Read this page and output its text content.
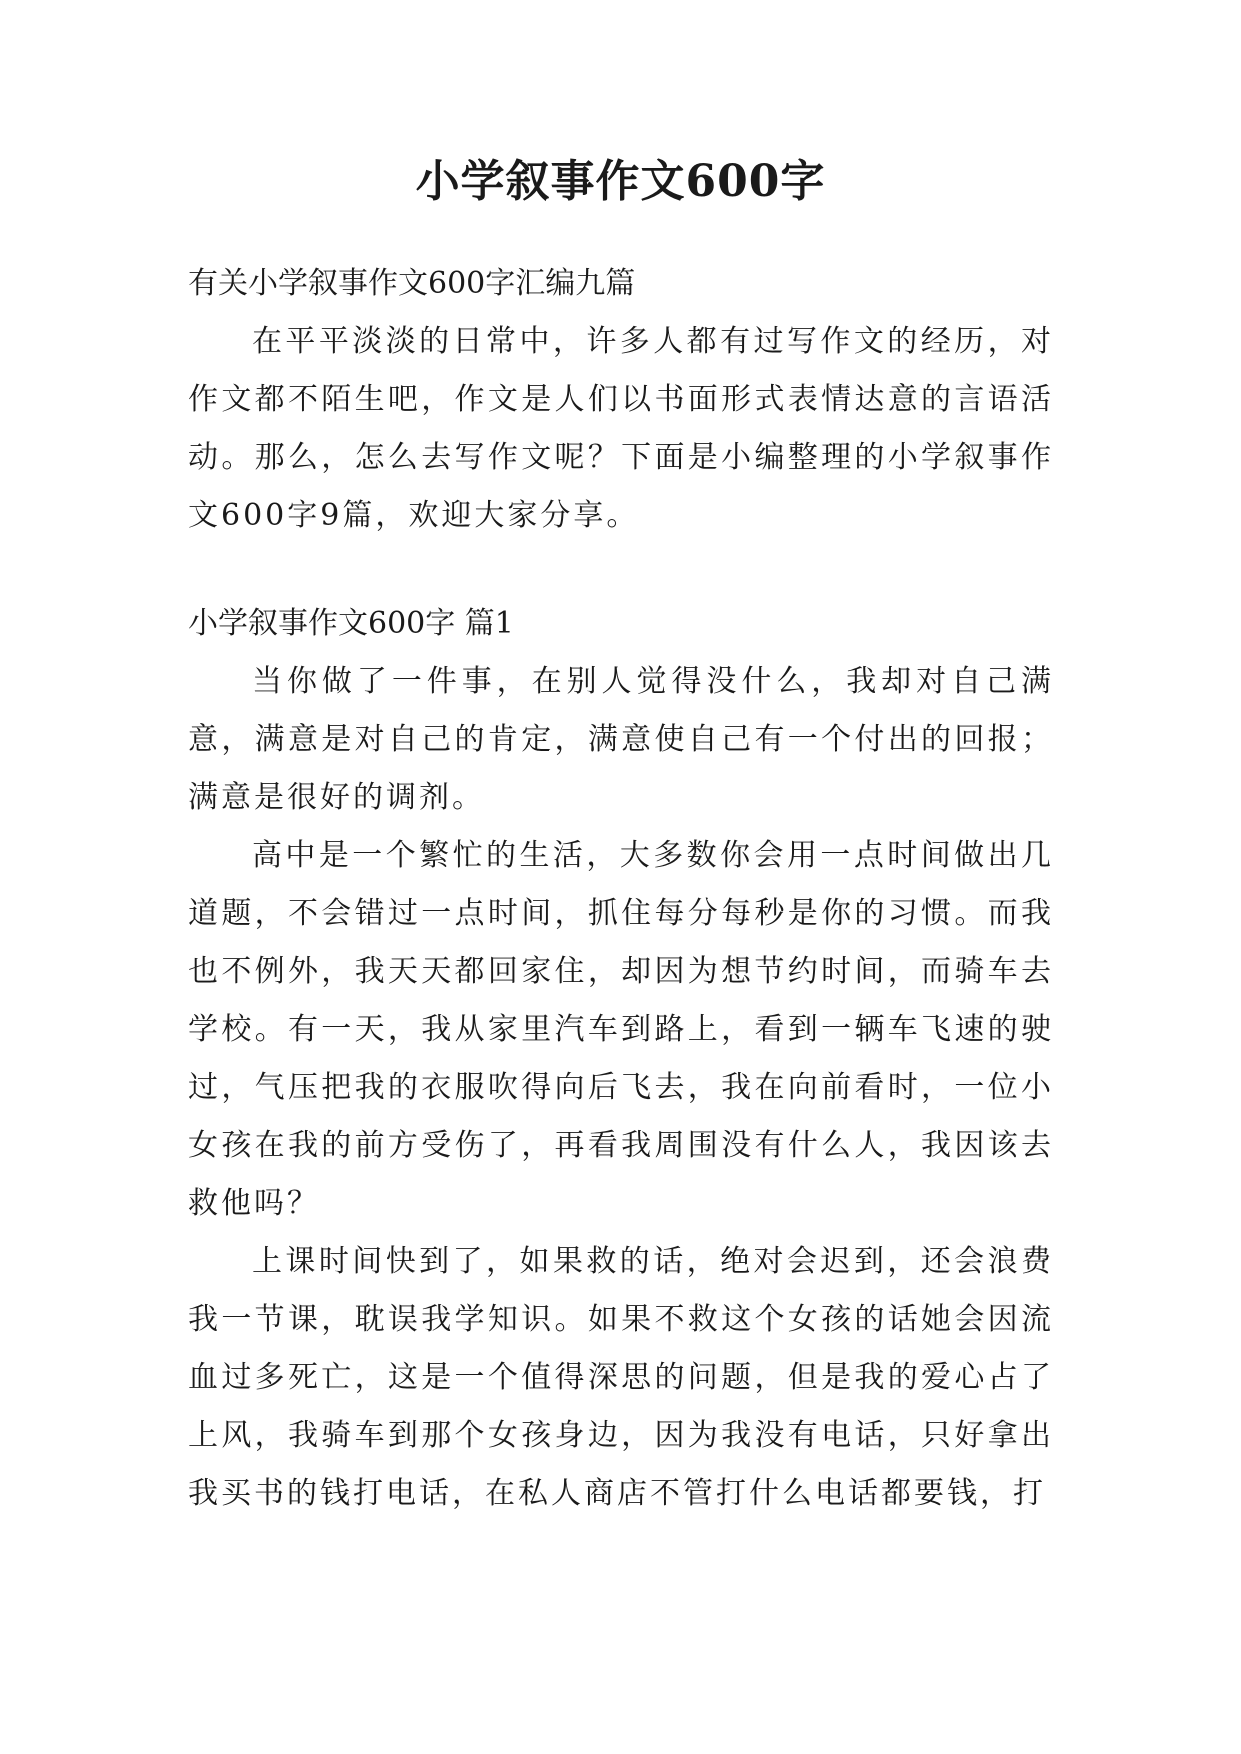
小学叙事作文600字

有关小学叙事作文600字汇编九篇

在平平淡淡的日常中，许多人都有过写作文的经历，对作文都不陌生吧，作文是人们以书面形式表情达意的言语活动。那么，怎么去写作文呢？下面是小编整理的小学叙事作文600字9篇，欢迎大家分享。

小学叙事作文600字 篇1

当你做了一件事，在别人觉得没什么，我却对自己满意，满意是对自己的肯定，满意使自己有一个付出的回报；满意是很好的调剂。

高中是一个繁忙的生活，大多数你会用一点时间做出几道题，不会错过一点时间，抓住每分每秒是你的习惯。而我也不例外，我天天都回家住，却因为想节约时间，而骑车去学校。有一天，我从家里汽车到路上，看到一辆车飞速的驶过，气压把我的衣服吹得向后飞去，我在向前看时，一位小女孩在我的前方受伤了，再看我周围没有什么人，我因该去救他吗？

上课时间快到了，如果救的话，绝对会迟到，还会浪费我一节课，耽误我学知识。如果不救这个女孩的话她会因流血过多死亡，这是一个值得深思的问题，但是我的爱心占了上风，我骑车到那个女孩身边，因为我没有电话，只好拿出我买书的钱打电话，在私人商店不管打什么电话都要钱，打
